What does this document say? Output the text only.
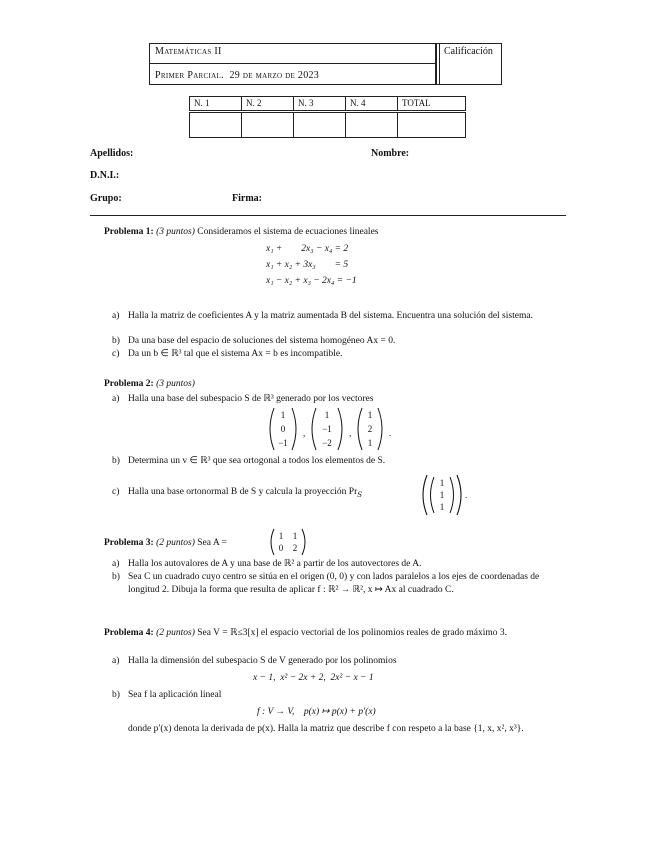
Matemáticas II
Primer Parcial.  29 de marzo de 2023
Calificación
N. 1	N. 2	N. 3	N. 4	TOTAL
Apellidos:	Nombre:
D.N.I.:
Grupo:	Firma:
Problema 1: (3 puntos) Consideramos el sistema de ecuaciones lineales
x₁ +        2x₃ − x₄ = 2
x₁ + x₂ + 3x₃        = 5
x₁ − x₂ + x₃ − 2x₄ = −1
a) Halla la matriz de coeficientes A y la matriz aumentada B del sistema. Encuentra una solución del sistema.
b) Da una base del espacio de soluciones del sistema homogéneo Ax = 0.
c) Da un b ∈ ℝ³ tal que el sistema Ax = b es incompatible.
Problema 2: (3 puntos)
a) Halla una base del subespacio S de ℝ³ generado por los vectores
1
0
−1
,
1
−1
−2
,
1
2
1
.
b) Determina un v ∈ ℝ³ que sea ortogonal a todos los elementos de S.
c) Halla una base ortonormal B de S y calcula la proyección $Pr_S$
1
1
1
.
Problema 3: (2 puntos) Sea A =
1 1
0 2
a) Halla los autovalores de A y una base de ℝ² a partir de los autovectores de A.
b) Sea C un cuadrado cuyo centro se sitúa en el origen (0, 0) y con lados paralelos a los ejes de coordenadas de longitud 2. Dibuja la forma que resulta de aplicar f : ℝ² → ℝ², x ↦ Ax al cuadrado C.
Problema 4: (2 puntos) Sea V = ℝ≤3[x] el espacio vectorial de los polinomios reales de grado máximo 3.
a) Halla la dimensión del subespacio S de V generado por los polinomios
x − 1,  x² − 2x + 2,  2x² − x − 1
b) Sea f la aplicación lineal
f : V → V,    p(x) ↦ p(x) + p′(x)
donde p′(x) denota la derivada de p(x). Halla la matriz que describe f con respeto a la base {1, x, x², x³}.
